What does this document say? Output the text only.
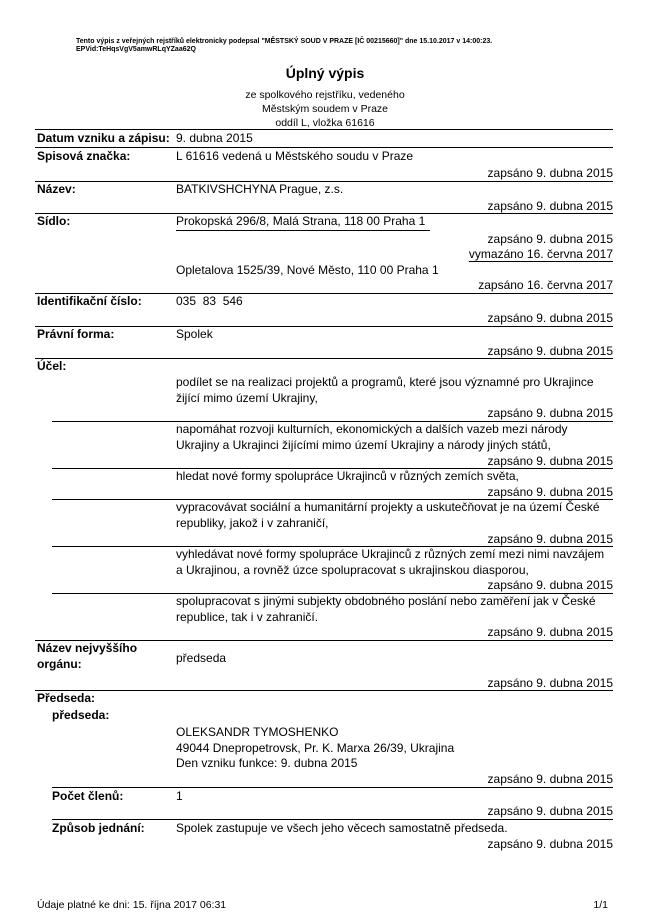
Tento výpis z veřejných rejstříků elektronicky podepsal "MĚSTSKÝ SOUD V PRAZE [IČ 00215660]" dne 15.10.2017 v 14:00:23.
EPVid:TeHqsVgV5amwRLqYZaa62Q
Úplný výpis
ze spolkového rejstříku, vedeného
Městským soudem v Praze
oddíl L, vložka 61616
Datum vzniku a zápisu: 9. dubna 2015
Spisová značka:	L 61616 vedená u Městského soudu v Praze
zapsáno 9. dubna 2015
Název:	BATKIVSHCHYNA Prague, z.s.
zapsáno 9. dubna 2015
Sídlo:	Prokopská 296/8, Malá Strana, 118 00 Praha 1
zapsáno 9. dubna 2015
vymazáno 16. června 2017
Opletalova 1525/39, Nové Město, 110 00 Praha 1
zapsáno 16. června 2017
Identifikační číslo:	035  83  546
zapsáno 9. dubna 2015
Právní forma:	Spolek
zapsáno 9. dubna 2015
Účel:
podílet se na realizaci projektů a programů, které jsou významné pro Ukrajince
žijící mimo území Ukrajiny,
zapsáno 9. dubna 2015
napomáhat rozvoji kulturních, ekonomických a dalších vazeb mezi národy
Ukrajiny a Ukrajinci žijícími mimo území Ukrajiny a národy jiných států,
zapsáno 9. dubna 2015
hledat nové formy spolupráce Ukrajinců v různých zemích světa,
zapsáno 9. dubna 2015
vypracovávat sociální a humanitární projekty a uskutečňovat je na území České
republiky, jakož i v zahraničí,
zapsáno 9. dubna 2015
vyhledávat nové formy spolupráce Ukrajinců z různých zemí mezi nimi navzájem
a Ukrajinou, a rovněž úzce spolupracovat s ukrajinskou diasporou,
zapsáno 9. dubna 2015
spolupracovat s jinými subjekty obdobného poslání nebo zaměření jak v České
republice, tak i v zahraničí.
zapsáno 9. dubna 2015
Název nejvyššího
orgánu:	předseda
zapsáno 9. dubna 2015
Předseda:
předseda:
OLEKSANDR TYMOSHENKO
49044 Dnepropetrovsk, Pr. K. Marxa 26/39, Ukrajina
Den vzniku funkce: 9. dubna 2015
zapsáno 9. dubna 2015
Počet členů:	1
zapsáno 9. dubna 2015
Způsob jednání:	Spolek zastupuje ve všech jeho věcech samostatně předseda.
zapsáno 9. dubna 2015
Údaje platné ke dni: 15. října 2017 06:31	1/1
